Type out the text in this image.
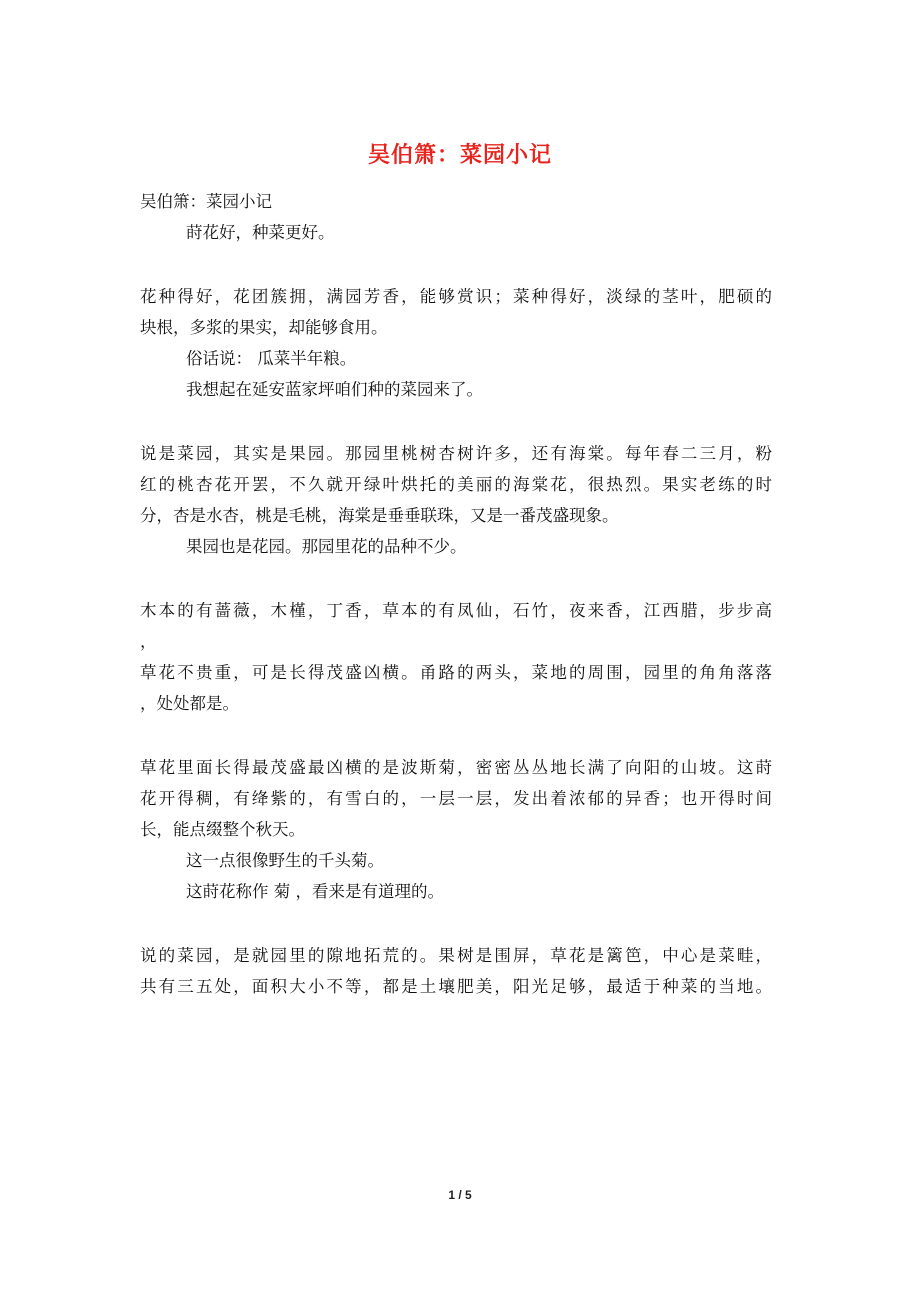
吴伯箫：菜园小记
吴伯箫：菜园小记
莳花好，种菜更好。
花种得好，花团簇拥，满园芳香，能够赏识；菜种得好，淡绿的茎叶，肥硕的
块根，多浆的果实，却能够食用。
俗话说： 瓜菜半年粮。
我想起在延安蓝家坪咱们种的菜园来了。
说是菜园，其实是果园。那园里桃树杏树许多，还有海棠。每年春二三月，粉
红的桃杏花开罢，不久就开绿叶烘托的美丽的海棠花，很热烈。果实老练的时
分，杏是水杏，桃是毛桃，海棠是垂垂联珠，又是一番茂盛现象。
果园也是花园。那园里花的品种不少。
木本的有蔷薇，木槿，丁香，草本的有凤仙，石竹，夜来香，江西腊，步步高
，
草花不贵重，可是长得茂盛凶横。甬路的两头，菜地的周围，园里的角角落落
，处处都是。
草花里面长得最茂盛最凶横的是波斯菊，密密丛丛地长满了向阳的山坡。这莳
花开得稠，有绛紫的，有雪白的，一层一层，发出着浓郁的异香；也开得时间
长，能点缀整个秋天。
这一点很像野生的千头菊。
这莳花称作 菊 ，看来是有道理的。
说的菜园，是就园里的隙地拓荒的。果树是围屏，草花是篱笆，中心是菜畦，
共有三五处，面积大小不等，都是土壤肥美，阳光足够，最适于种菜的当地。
1 / 5
